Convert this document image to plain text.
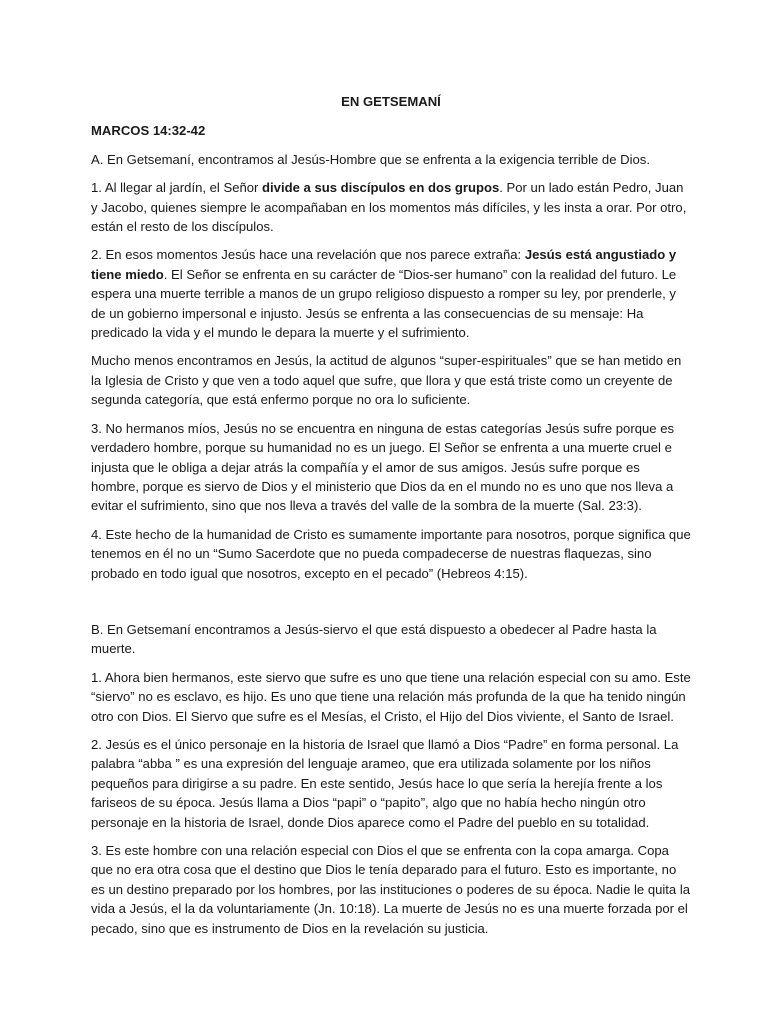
EN GETSEMANÍ

MARCOS 14:32-42

A. En Getsemaní, encontramos al Jesús-Hombre que se enfrenta a la exigencia terrible de Dios.

1. Al llegar al jardín, el Señor divide a sus discípulos en dos grupos. Por un lado están Pedro, Juan y Jacobo, quienes siempre le acompañaban en los momentos más difíciles, y les insta a orar. Por otro, están el resto de los discípulos.

2. En esos momentos Jesús hace una revelación que nos parece extraña: Jesús está angustiado y tiene miedo. El Señor se enfrenta en su carácter de “Dios-ser humano” con la realidad del futuro. Le espera una muerte terrible a manos de un grupo religioso dispuesto a romper su ley, por prenderle, y de un gobierno impersonal e injusto. Jesús se enfrenta a las consecuencias de su mensaje: Ha predicado la vida y el mundo le depara la muerte y el sufrimiento.

Mucho menos encontramos en Jesús, la actitud de algunos “super-espirituales” que se han metido en la Iglesia de Cristo y que ven a todo aquel que sufre, que llora y que está triste como un creyente de segunda categoría, que está enfermo porque no ora lo suficiente.

3. No hermanos míos, Jesús no se encuentra en ninguna de estas categorías Jesús sufre porque es verdadero hombre, porque su humanidad no es un juego. El Señor se enfrenta a una muerte cruel e injusta que le obliga a dejar atrás la compañía y el amor de sus amigos. Jesús sufre porque es hombre, porque es siervo de Dios y el ministerio que Dios da en el mundo no es uno que nos lleva a evitar el sufrimiento, sino que nos lleva a través del valle de la sombra de la muerte (Sal. 23:3).

4. Este hecho de la humanidad de Cristo es sumamente importante para nosotros, porque significa que tenemos en él no un “Sumo Sacerdote que no pueda compadecerse de nuestras flaquezas, sino probado en todo igual que nosotros, excepto en el pecado” (Hebreos 4:15).

B. En Getsemaní encontramos a Jesús-siervo el que está dispuesto a obedecer al Padre hasta la muerte.

1. Ahora bien hermanos, este siervo que sufre es uno que tiene una relación especial con su amo. Este “siervo” no es esclavo, es hijo. Es uno que tiene una relación más profunda de la que ha tenido ningún otro con Dios. El Siervo que sufre es el Mesías, el Cristo, el Hijo del Dios viviente, el Santo de Israel.

2. Jesús es el único personaje en la historia de Israel que llamó a Dios “Padre” en forma personal. La palabra “abba ” es una expresión del lenguaje arameo, que era utilizada solamente por los niños pequeños para dirigirse a su padre. En este sentido, Jesús hace lo que sería la herejía frente a los fariseos de su época. Jesús llama a Dios “papi” o “papito”, algo que no había hecho ningún otro personaje en la historia de Israel, donde Dios aparece como el Padre del pueblo en su totalidad.

3. Es este hombre con una relación especial con Dios el que se enfrenta con la copa amarga. Copa que no era otra cosa que el destino que Dios le tenía deparado para el futuro. Esto es importante, no es un destino preparado por los hombres, por las instituciones o poderes de su época. Nadie le quita la vida a Jesús, el la da voluntariamente (Jn. 10:18). La muerte de Jesús no es una muerte forzada por el pecado, sino que es instrumento de Dios en la revelación su justicia.
